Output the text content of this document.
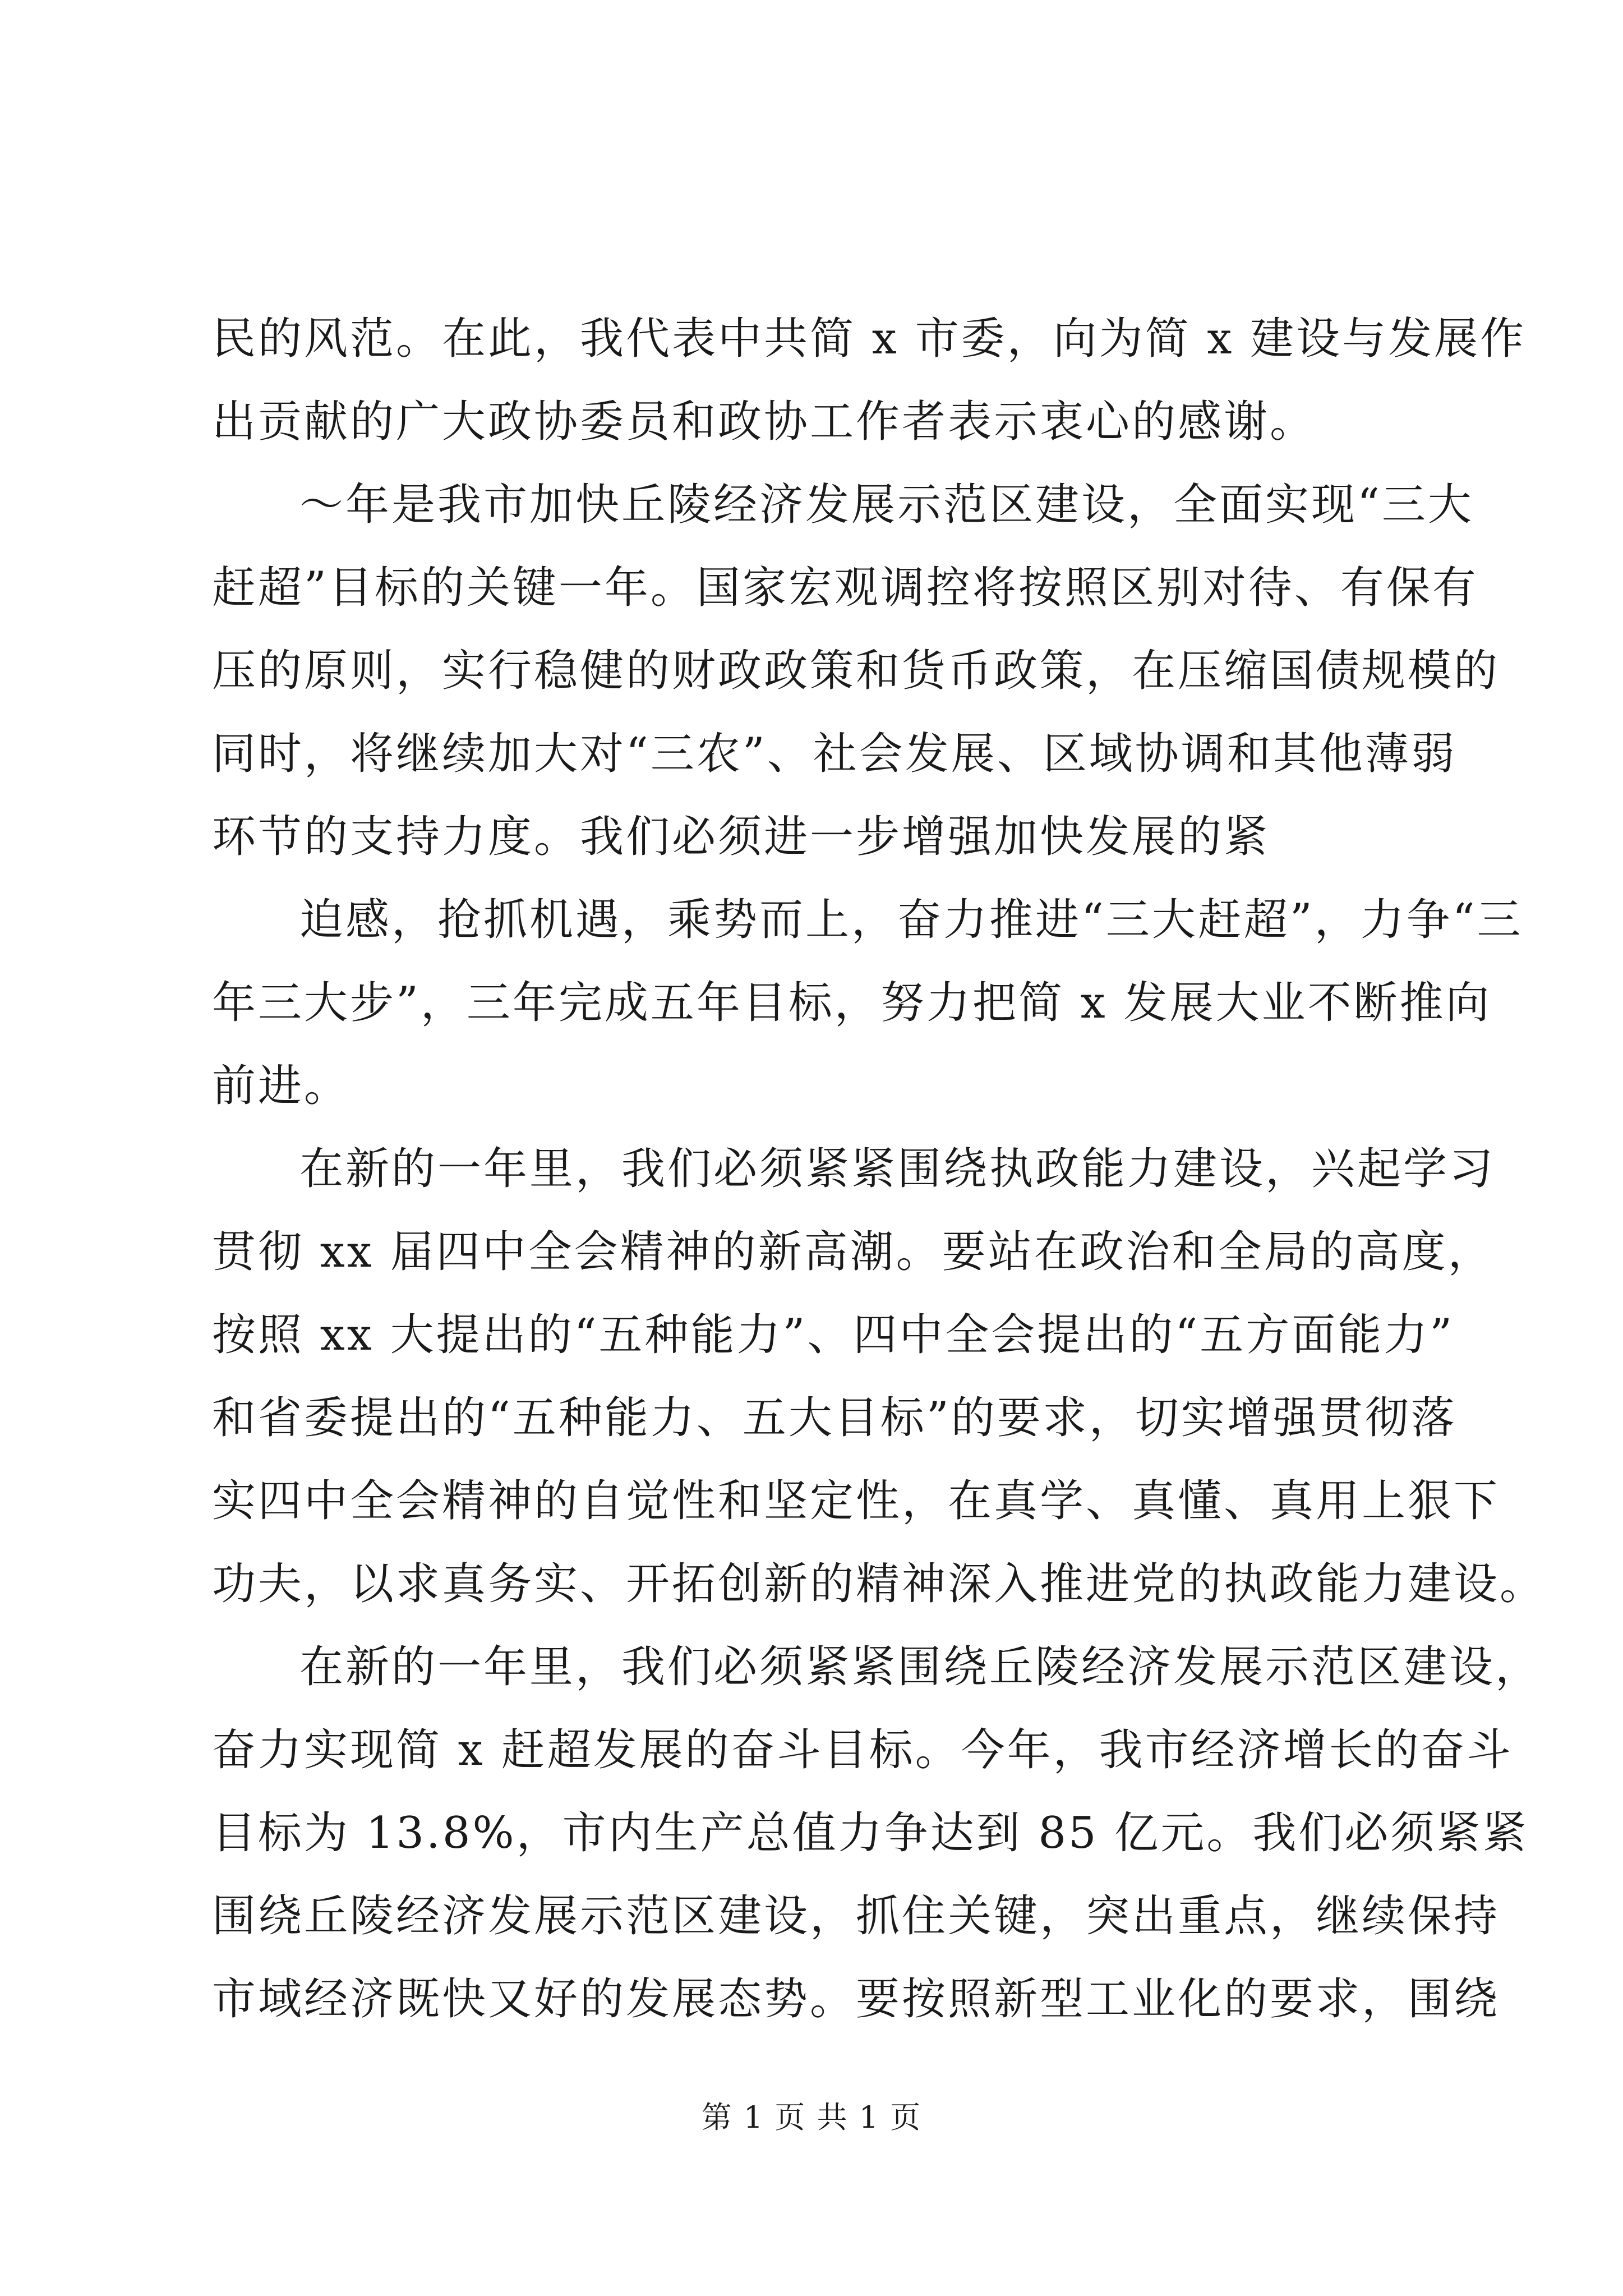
民的风范。在此，我代表中共简 x 市委，向为简 x 建设与发展作
出贡献的广大政协委员和政协工作者表示衷心的感谢。
～年是我市加快丘陵经济发展示范区建设，全面实现“三大
赶超”目标的关键一年。国家宏观调控将按照区别对待、有保有
压的原则，实行稳健的财政政策和货币政策，在压缩国债规模的
同时，将继续加大对“三农”、社会发展、区域协调和其他薄弱
环节的支持力度。我们必须进一步增强加快发展的紧
迫感，抢抓机遇，乘势而上，奋力推进“三大赶超”，力争“三
年三大步”，三年完成五年目标，努力把简 x 发展大业不断推向
前进。
在新的一年里，我们必须紧紧围绕执政能力建设，兴起学习
贯彻 xx 届四中全会精神的新高潮。要站在政治和全局的高度，
按照 xx 大提出的“五种能力”、四中全会提出的“五方面能力”
和省委提出的“五种能力、五大目标”的要求，切实增强贯彻落
实四中全会精神的自觉性和坚定性，在真学、真懂、真用上狠下
功夫，以求真务实、开拓创新的精神深入推进党的执政能力建设。
在新的一年里，我们必须紧紧围绕丘陵经济发展示范区建设，
奋力实现简 x 赶超发展的奋斗目标。今年，我市经济增长的奋斗
目标为 13.8%，市内生产总值力争达到 85 亿元。我们必须紧紧
围绕丘陵经济发展示范区建设，抓住关键，突出重点，继续保持
市域经济既快又好的发展态势。要按照新型工业化的要求，围绕
第 1 页 共 1 页
